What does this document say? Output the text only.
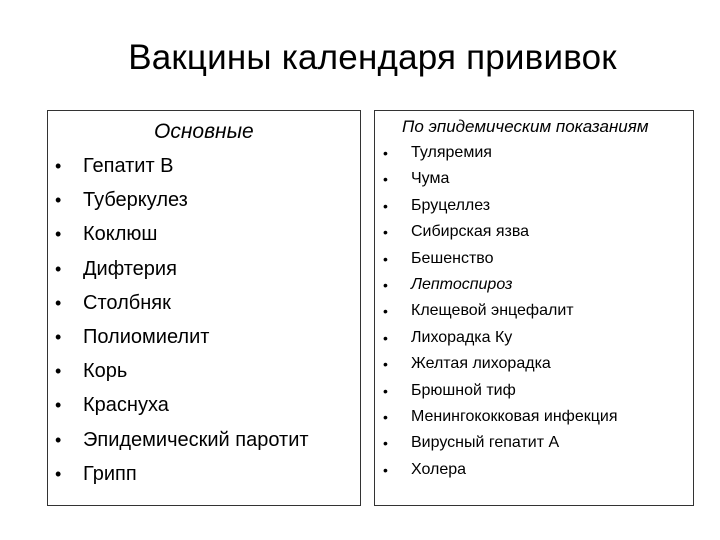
Вакцины календаря прививок
Основные
• Гепатит В
• Туберкулез
• Коклюш
• Дифтерия
• Столбняк
• Полиомиелит
• Корь
• Краснуха
• Эпидемический паротит
• Грипп
По эпидемическим показаниям
• Туляремия
• Чума
• Бруцеллез
• Сибирская язва
• Бешенство
• Лептоспироз
• Клещевой энцефалит
• Лихорадка Ку
• Желтая лихорадка
• Брюшной тиф
• Менингококковая инфекция
• Вирусный гепатит А
• Холера
